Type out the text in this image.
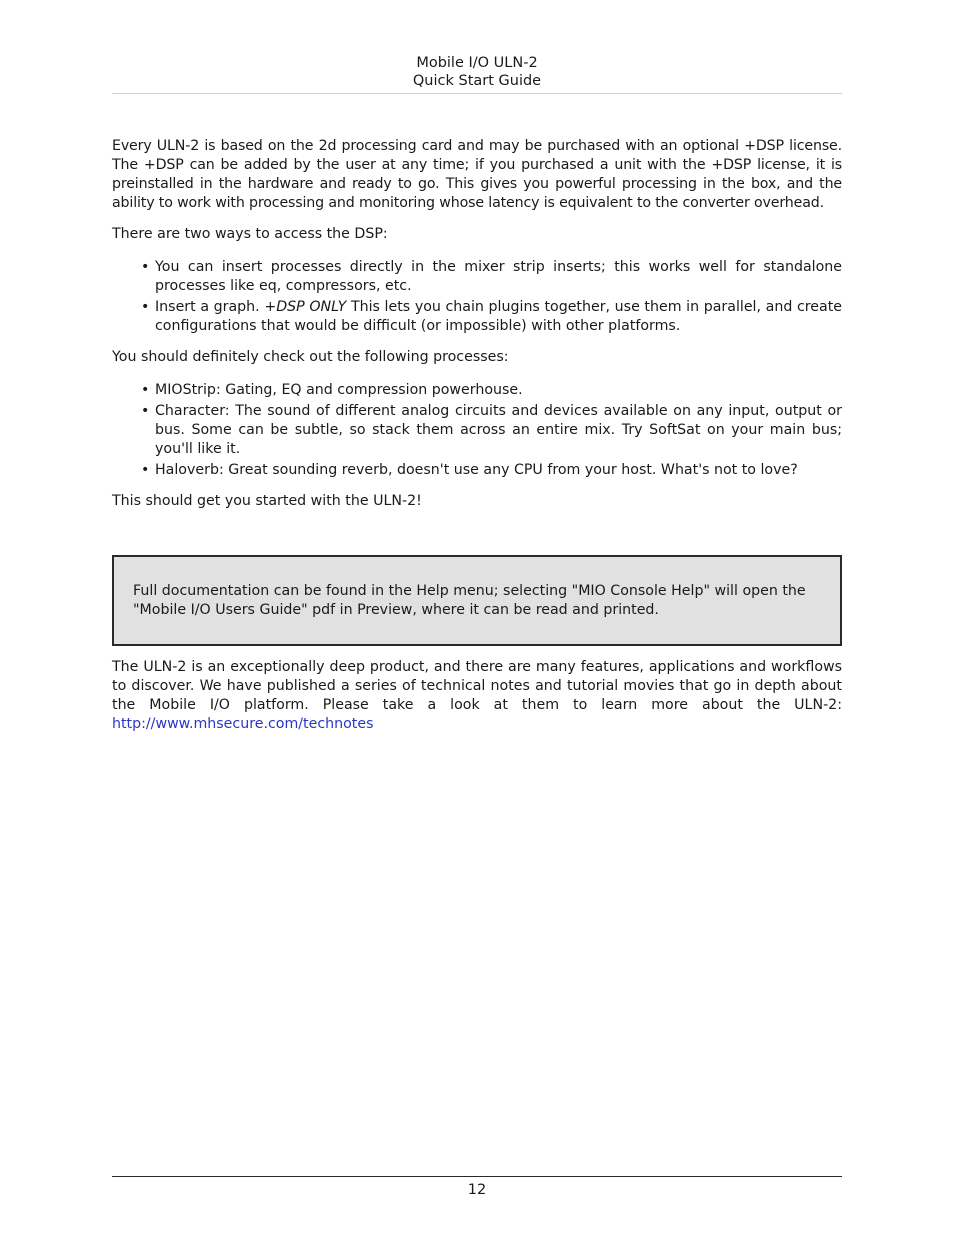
Mobile I/O ULN-2
Quick Start Guide

Every ULN-2 is based on the 2d processing card and may be purchased with an optional +DSP license. The +DSP can be added by the user at any time; if you purchased a unit with the +DSP license, it is preinstalled in the hardware and ready to go. This gives you powerful processing in the box, and the ability to work with processing and monitoring whose latency is equivalent to the converter overhead.

There are two ways to access the DSP:

• You can insert processes directly in the mixer strip inserts; this works well for standalone processes like eq, compressors, etc.
• Insert a graph. +DSP ONLY This lets you chain plugins together, use them in parallel, and create configurations that would be difficult (or impossible) with other platforms.

You should definitely check out the following processes:

• MIOStrip: Gating, EQ and compression powerhouse.
• Character: The sound of different analog circuits and devices available on any input, output or bus. Some can be subtle, so stack them across an entire mix. Try SoftSat on your main bus; you'll like it.
• Haloverb: Great sounding reverb, doesn't use any CPU from your host. What's not to love?

This should get you started with the ULN-2!

Full documentation can be found in the Help menu; selecting "MIO Console Help" will open the "Mobile I/O Users Guide" pdf in Preview, where it can be read and printed.

The ULN-2 is an exceptionally deep product, and there are many features, applications and workflows to discover. We have published a series of technical notes and tutorial movies that go in depth about the Mobile I/O platform. Please take a look at them to learn more about the ULN-2: http://www.mhsecure.com/technotes

12
